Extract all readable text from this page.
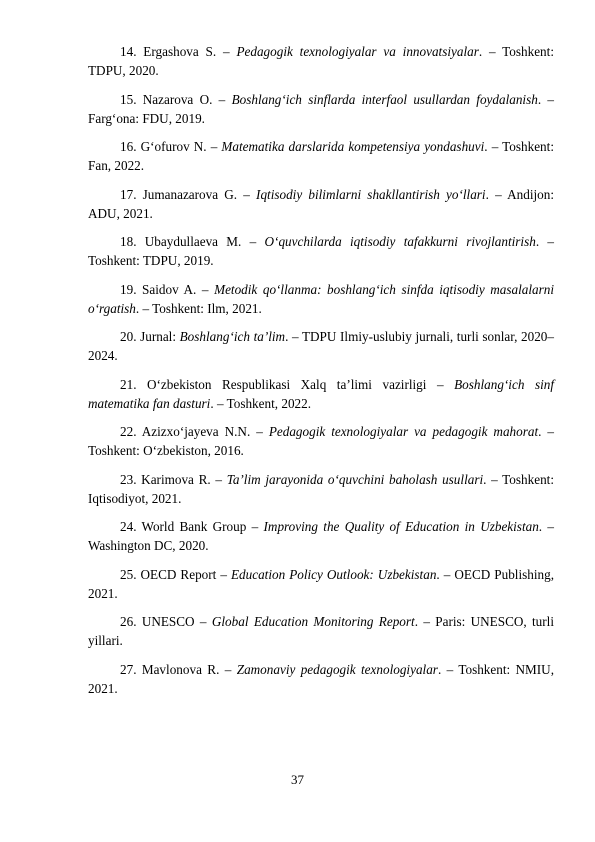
14. Ergashova S. – Pedagogik texnologiyalar va innovatsiyalar. – Toshkent: TDPU, 2020.

15. Nazarova O. – Boshlang‘ich sinflarda interfaol usullardan foydalanish. – Farg‘ona: FDU, 2019.

16. G‘ofurov N. – Matematika darslarida kompetensiya yondashuvi. – Toshkent: Fan, 2022.

17. Jumanazarova G. – Iqtisodiy bilimlarni shakllantirish yo‘llari. – Andijon: ADU, 2021.

18. Ubaydullaeva M. – O‘quvchilarda iqtisodiy tafakkurni rivojlantirish. – Toshkent: TDPU, 2019.

19. Saidov A. – Metodik qo‘llanma: boshlang‘ich sinfda iqtisodiy masalalarni o‘rgatish. – Toshkent: Ilm, 2021.

20. Jurnal: Boshlang‘ich ta’lim. – TDPU Ilmiy-uslubiy jurnali, turli sonlar, 2020–2024.

21. O‘zbekiston Respublikasi Xalq ta’limi vazirligi – Boshlang‘ich sinf matematika fan dasturi. – Toshkent, 2022.

22. Azizxo‘jayeva N.N. – Pedagogik texnologiyalar va pedagogik mahorat. – Toshkent: O‘zbekiston, 2016.

23. Karimova R. – Ta’lim jarayonida o‘quvchini baholash usullari. – Toshkent: Iqtisodiyot, 2021.

24. World Bank Group – Improving the Quality of Education in Uzbekistan. – Washington DC, 2020.

25. OECD Report – Education Policy Outlook: Uzbekistan. – OECD Publishing, 2021.

26. UNESCO – Global Education Monitoring Report. – Paris: UNESCO, turli yillari.

27. Mavlonova R. – Zamonaviy pedagogik texnologiyalar. – Toshkent: NMIU, 2021.

37
